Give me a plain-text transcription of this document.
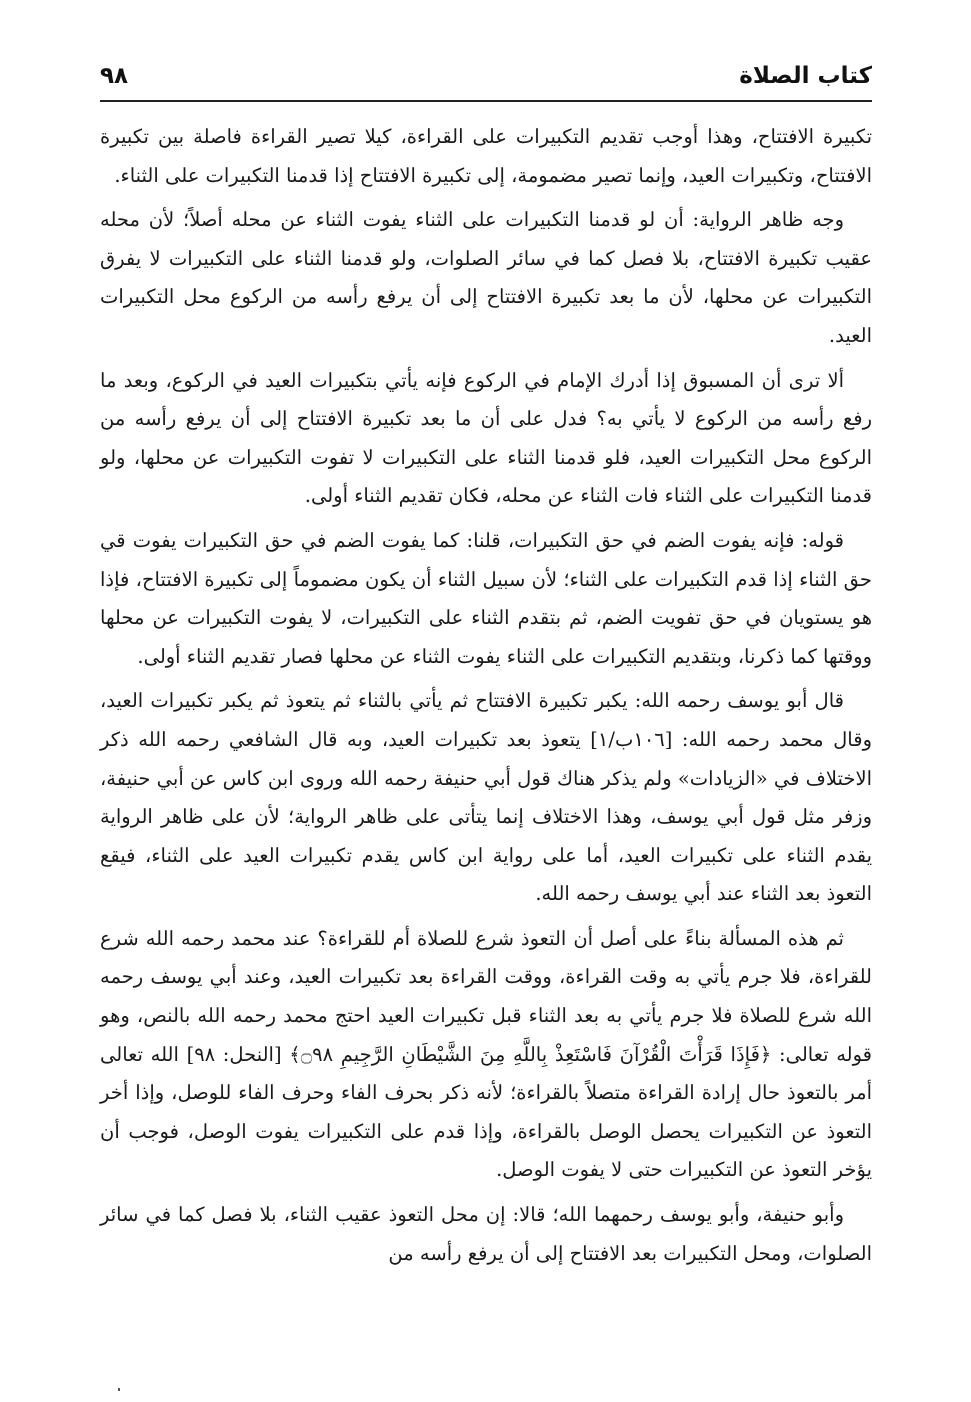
كتاب الصلاة
٩٨

تكبيرة الافتتاح، وهذا أوجب تقديم التكبيرات على القراءة، كيلا تصير القراءة فاصلة بين تكبيرة الافتتاح، وتكبيرات العيد، وإنما تصير مضمومة، إلى تكبيرة الافتتاح إذا قدمنا التكبيرات على الثناء.

وجه ظاهر الرواية: أن لو قدمنا التكبيرات على الثناء يفوت الثناء عن محله أصلاً؛ لأن محله عقيب تكبيرة الافتتاح، بلا فصل كما في سائر الصلوات، ولو قدمنا الثناء على التكبيرات لا يفرق التكبيرات عن محلها، لأن ما بعد تكبيرة الافتتاح إلى أن يرفع رأسه من الركوع محل التكبيرات العيد.

ألا ترى أن المسبوق إذا أدرك الإمام في الركوع فإنه يأتي بتكبيرات العيد في الركوع، وبعد ما رفع رأسه من الركوع لا يأتي به؟ فدل على أن ما بعد تكبيرة الافتتاح إلى أن يرفع رأسه من الركوع محل التكبيرات العيد، فلو قدمنا الثناء على التكبيرات لا تفوت التكبيرات عن محلها، ولو قدمنا التكبيرات على الثناء فات الثناء عن محله، فكان تقديم الثناء أولى.

قوله: فإنه يفوت الضم في حق التكبيرات، قلنا: كما يفوت الضم في حق التكبيرات يفوت قي حق الثناء إذا قدم التكبيرات على الثناء؛ لأن سبيل الثناء أن يكون مضموماً إلى تكبيرة الافتتاح، فإذا هو يستويان في حق تفويت الضم، ثم بتقدم الثناء على التكبيرات، لا يفوت التكبيرات عن محلها ووقتها كما ذكرنا، وبتقديم التكبيرات على الثناء يفوت الثناء عن محلها فصار تقديم الثناء أولى.

قال أبو يوسف رحمه الله: يكبر تكبيرة الافتتاح ثم يأتي بالثناء ثم يتعوذ ثم يكبر تكبيرات العيد، وقال محمد رحمه الله: [١٠٦ب/١] يتعوذ بعد تكبيرات العيد، وبه قال الشافعي رحمه الله ذكر الاختلاف في «الزيادات» ولم يذكر هناك قول أبي حنيفة رحمه الله وروى ابن كاس عن أبي حنيفة، وزفر مثل قول أبي يوسف، وهذا الاختلاف إنما يتأتى على ظاهر الرواية؛ لأن على ظاهر الرواية يقدم الثناء على تكبيرات العيد، أما على رواية ابن كاس يقدم تكبيرات العيد على الثناء، فيقع التعوذ بعد الثناء عند أبي يوسف رحمه الله.

ثم هذه المسألة بناءً على أصل أن التعوذ شرع للصلاة أم للقراءة؟ عند محمد رحمه الله شرع للقراءة، فلا جرم يأتي به وقت القراءة، ووقت القراءة بعد تكبيرات العيد، وعند أبي يوسف رحمه الله شرع للصلاة فلا جرم يأتي به بعد الثناء قبل تكبيرات العيد احتج محمد رحمه الله بالنص، وهو قوله تعالى: ﴿فَإِذَا قَرَأْتَ الْقُرْآنَ فَاسْتَعِذْ بِاللَّهِ مِنَ الشَّيْطَانِ الرَّجِيمِ ۝٩٨﴾ [النحل: ٩٨] الله تعالى أمر بالتعوذ حال إرادة القراءة متصلاً بالقراءة؛ لأنه ذكر بحرف الفاء وحرف الفاء للوصل، وإذا أخر التعوذ عن التكبيرات يحصل الوصل بالقراءة، وإذا قدم على التكبيرات يفوت الوصل، فوجب أن يؤخر التعوذ عن التكبيرات حتى لا يفوت الوصل.

وأبو حنيفة، وأبو يوسف رحمهما الله؛ قالا: إن محل التعوذ عقيب الثناء، بلا فصل كما في سائر الصلوات، ومحل التكبيرات بعد الافتتاح إلى أن يرفع رأسه من
